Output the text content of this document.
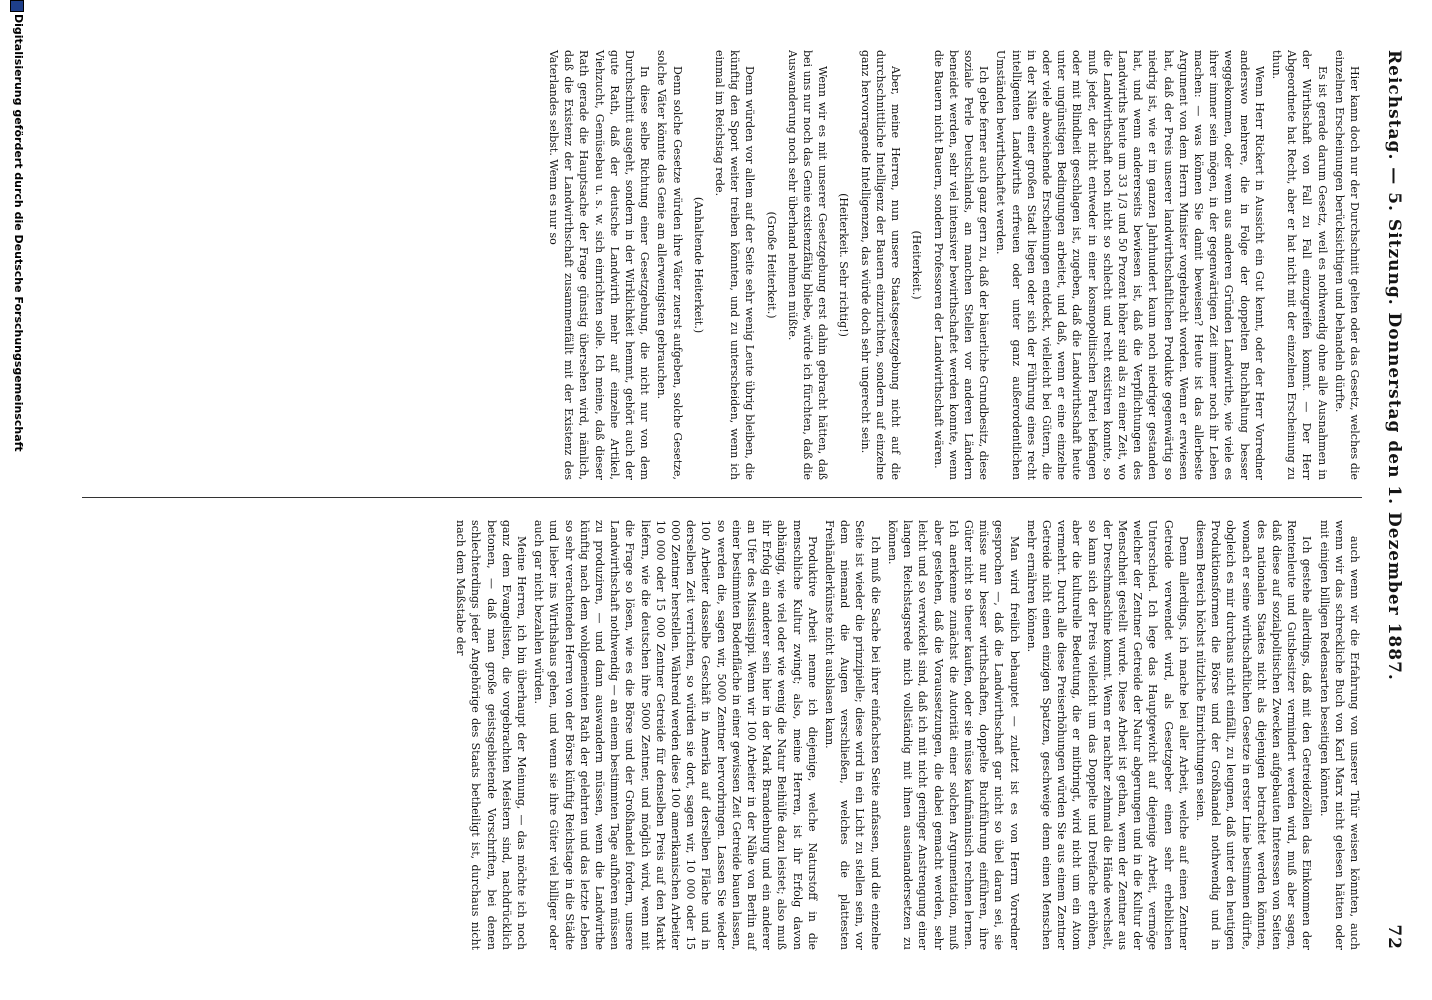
Reichstag. — 5. Sitzung. Donnerstag den 1. Dezember 1887.
72

Hier kann doch nur der Durchschnitt gelten oder das Gesetz, welches die einzelnen Erscheinungen berücksichtigen und behandeln dürfte.

Es ist gerade darum Gesetz, weil es nothwendig ohne alle Ausnahmen in der Wirthschaft von Fall zu Fall einzugreifen kommt. — Der Herr Abgeordnete hat Recht, aber er hat nicht mit der einzelnen Erscheinung zu thun.

Wenn Herr Rickert in Aussicht ein Gut kennt, oder der Herr Vorredner anderswo mehrere, die in Folge der doppelten Buchhaltung besser weggekommen, oder wenn aus anderen Gründen Landwirthe, wie viele es ihrer immer sein mögen, in der gegenwärtigen Zeit immer noch ihr Leben machen: — was können Sie damit beweisen? Heute ist das allerbeste Argument von dem Herrn Minister vorgebracht worden. Wenn er erwiesen hat, daß der Preis unserer landwirthschaftlichen Produkte gegenwärtig so niedrig ist, wie er im ganzen Jahrhundert kaum noch niedriger gestanden hat, und wenn andererseits bewiesen ist, daß die Verpflichtungen des Landwirths heute um 33 1/3 und 50 Prozent höher sind als zu einer Zeit, wo die Landwirthschaft noch nicht so schlecht und recht existiren konnte, so muß jeder, der nicht entweder in einer kosmopolitischen Partei befangen oder mit Blindheit geschlagen ist, zugeben, daß die Landwirthschaft heute unter ungünstigen Bedingungen arbeitet, und daß, wenn er eine einzelne oder viele abweichende Erscheinungen entdeckt, vielleicht bei Gütern, die in der Nähe einer großen Stadt liegen oder sich der Führung eines recht intelligenten Landwirths erfreuen oder unter ganz außerordentlichen Umständen bewirthschaftet werden.

Ich gebe ferner auch ganz gern zu, daß der bäuerliche Grundbesitz, diese soziale Perle Deutschlands, an manchen Stellen vor anderen Ländern beneidet werden, sehr viel intensiver bewirthschaftet werden konnte, wenn die Bauern nicht Bauern, sondern Professoren der Landwirthschaft wären.

(Heiterkeit.)

Aber, meine Herren, nun unsere Staatsgesetzgebung nicht auf die durchschnittliche Intelligenz der Bauern einzurichten, sondern auf einzelne ganz hervorragende Intelligenzen, das würde doch sehr ungerecht sein.

(Heiterkeit. Sehr richtig!)

Wenn wir es mit unserer Gesetzgebung erst dahin gebracht hätten, daß bei uns nur noch das Genie existenzfähig bliebe, würde ich fürchten, daß die Auswanderung noch sehr überhand nehmen müßte.

(Große Heiterkeit.)

Denn würden vor allem auf der Seite sehr wenig Leute übrig bleiben, die künftig den Sport weiter treiben könnten, und zu unterscheiden, wenn ich einmal im Reichstag rede.

(Anhaltende Heiterkeit.)

Denn solche Gesetze würden ihre Väter zuerst aufgeben, solche Gesetze, solche Väter könnte das Genie am allerwenigsten gebrauchen.

In diese selbe Richtung einer Gesetzgebung, die nicht nur von dem Durchschnitt ausgeht, sondern in der Wirklichkeit hemmt, gehört auch der gute Rath, daß der deutsche Landwirth mehr auf einzelne Artikel, Viehzucht, Gemüsebau u. s. w. sich einrichten solle. Ich meine, daß dieser Rath gerade die Hauptsache der Frage günstig übersehen wird, nämlich, daß die Existenz der Landwirthschaft zusammenfällt mit der Existenz des Vaterlandes selbst. Wenn es nur so

auch wenn wir die Erfahrung von unserer Thür weisen könnten, auch wenn wir das schreckliche Buch von Karl Marx nicht gelesen hätten oder mit einigen billigen Redensarten beseitigen könnten.

Ich gestehe allerdings, daß mit den Getreidezöllen das Einkommen der Rentenleute und Gutsbesitzer vermindert werden wird, muß aber sagen, daß diese auf sozialpolitischen Zwecken aufgebauten Interessen von Seiten des nationalen Staates nicht als diejenigen betrachtet werden könnten, wonach er seine wirthschaftlichen Gesetze in erster Linie bestimmen dürfte, obgleich es mir durchaus nicht einfällt, zu leugnen, daß unter den heutigen Produktionsformen die Börse und der Großhandel nothwendig und in diesem Bereich höchst nützliche Einrichtungen seien.

Denn allerdings, ich mache bei aller Arbeit, welche auf einen Zentner Getreide verwendet wird, als Gesetzgeber einen sehr erheblichen Unterschied. Ich lege das Hauptgewicht auf diejenige Arbeit, vermöge welcher der Zentner Getreide der Natur abgerungen und in die Kultur der Menschheit gestellt wurde. Diese Arbeit ist gethan, wenn der Zentner aus der Dreschmaschine kommt. Wenn er nachher zehnmal die Hände wechselt, so kann sich der Preis vielleicht um das Doppelte und Dreifache erhöhen, aber die kulturelle Bedeutung, die er mitbringt, wird nicht um ein Atom vermehrt. Durch alle diese Preiserhöhungen würden Sie aus einem Zentner Getreide nicht einen einzigen Spatzen, geschweige denn einen Menschen mehr ernähren können.

Man wird freilich behauptet — zuletzt ist es von Herrn Vorredner gesprochen —, daß die Landwirthschaft gar nicht so übel daran sei, sie müsse nur besser wirthschaften, doppelte Buchführung einführen, ihre Güter nicht so theuer kaufen, oder sie müsse kaufmännisch rechnen lernen. Ich anerkenne zunächst die Autorität einer solchen Argumentation, muß aber gestehen, daß die Voraussetzungen, die dabei gemacht werden, sehr leicht und so verwickelt sind, daß ich mit nicht geringer Anstrengung einer langen Reichstagsrede mich vollständig mit ihnen auseinandersetzen zu können.

Ich muß die Sache bei ihrer einfachsten Seite anfassen, und die einzelne Seite ist wieder die prinzipielle; diese wird in ein Licht zu stellen sein, vor dem niemand die Augen verschließen, welches die plattesten Freihändlerkünste nicht ausblasen kann.

Produktive Arbeit nenne ich diejenige, welche Naturstoff in die menschliche Kultur zwingt; also, meine Herren, ist ihr Erfolg davon abhängig, wie viel oder wie wenig die Natur Beihülfe dazu leistet; also muß ihr Erfolg ein anderer sein hier in der Mark Brandenburg und ein anderer an Ufer des Mississippi. Wenn wir 100 Arbeiter in der Nähe von Berlin auf einer bestimmten Bodenfläche in einer gewissen Zeit Getreide bauen lassen, so werden die, sagen wir, 5000 Zentner hervorbringen. Lassen Sie wieder 100 Arbeiter dasselbe Geschäft in Amerika auf derselben Fläche und in derselben Zeit verrichten, so würden sie dort, sagen wir, 10 000 oder 15 000 Zentner herstellen. Während werden diese 100 amerikanischen Arbeiter 10 000 oder 15 000 Zentner Getreide für denselben Preis auf den Markt liefern, wie die deutschen ihre 5000 Zentner, und möglich wird, wenn mit die Frage so lösen, wie es die Börse und der Großhandel fordern, unsere Landwirthschaft nothwendig — an einem bestimmten Tage aufhören müssen zu produziren, — und dann auswandern müssen, wenn die Landwirthe künftig nach dem wohlgemeinten Rath der gelehrten und das letzte Leben so sehr verachtenden Herren von der Börse künftig Reichstage in die Städte und lieber ins Wirthshaus gehen, und wenn sie ihre Güter viel billiger oder auch gar nicht bezahlen würden.

Meine Herren, ich bin überhaupt der Meinung, — das möchte ich noch ganz dem Evangelisten, die vorgebrachten Meistern sind, nachdrücklich betonen, — daß man große geistsgebietende Vorschriften, bei denen schlechterdings jeder Angehörige des Staats betheiligt ist, durchaus nicht nach dem Maßstabe der

Digitalisierung gefördert durch die Deutsche Forschungsgemeinschaft
